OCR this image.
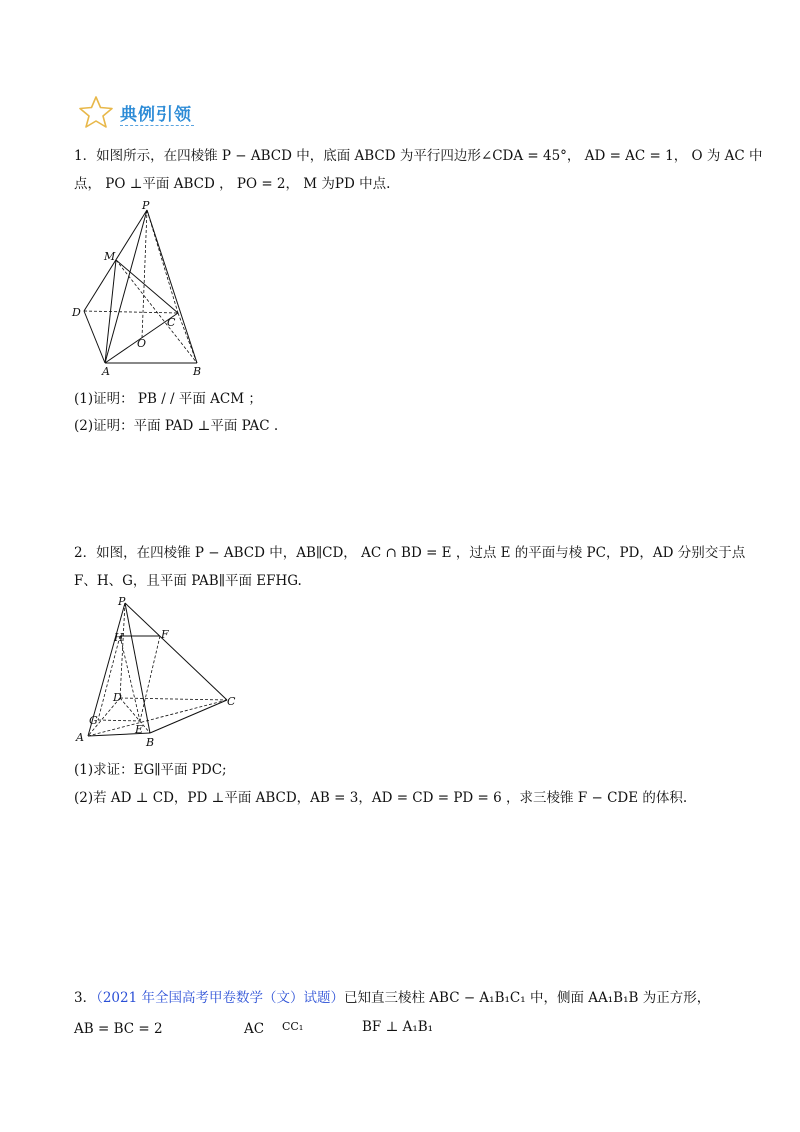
典例引领
1．如图所示，在四棱锥 P − ABCD 中，底面 ABCD 为平行四边形∠CDA = 45°， AD = AC = 1， O 为 AC 中
点， PO ⊥平面 ABCD ， PO = 2， M 为PD 中点.
P
M
D
C
O
A	B
(1)证明： PB / / 平面 ACM ；
(2)证明：平面 PAD ⊥平面 PAC .
2．如图，在四棱锥 P − ABCD 中，AB∥CD， AC ∩ BD = E ，过点 E 的平面与棱 PC，PD，AD 分别交于点
F、H、G，且平面 PAB∥平面 EFHG.
P
H	F
D	C
G
E
A	B
(1)求证：EG∥平面 PDC;
(2)若 AD ⊥ CD，PD ⊥平面 ABCD，AB = 3，AD = CD = PD = 6 ，求三棱锥 F − CDE 的体积.
3．（2021 年全国高考甲卷数学（文）试题）已知直三棱柱 ABC − A₁B₁C₁ 中，侧面 AA₁B₁B 为正方形，
AB = BC = 2	AC CC₁	BF ⊥ A₁B₁
